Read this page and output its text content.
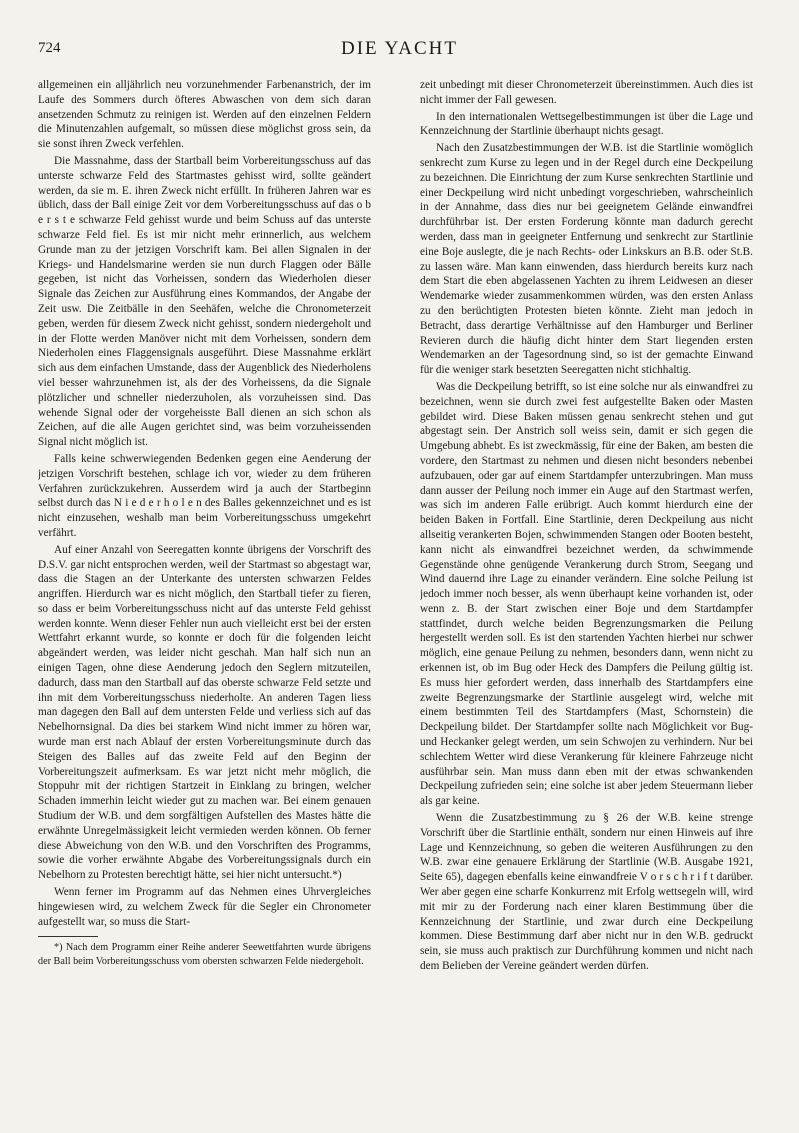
724	DIE YACHT

allgemeinen ein alljährlich neu vorzunehmender Farbenanstrich, der im Laufe des Sommers durch öfteres Abwaschen von dem sich daran ansetzenden Schmutz zu reinigen ist. Werden auf den einzelnen Feldern die Minutenzahlen aufgemalt, so müssen diese möglichst gross sein, da sie sonst ihren Zweck verfehlen.

Die Massnahme, dass der Startball beim Vorbereitungsschuss auf das unterste schwarze Feld des Startmastes gehisst wird, sollte geändert werden, da sie m. E. ihren Zweck nicht erfüllt. In früheren Jahren war es üblich, dass der Ball einige Zeit vor dem Vorbereitungsschuss auf das o b e r s t e schwarze Feld gehisst wurde und beim Schuss auf das unterste schwarze Feld fiel. Es ist mir nicht mehr erinnerlich, aus welchem Grunde man zu der jetzigen Vorschrift kam. Bei allen Signalen in der Kriegs- und Handelsmarine werden sie nun durch Flaggen oder Bälle gegeben, ist nicht das Vorheissen, sondern das Wiederholen dieser Signale das Zeichen zur Ausführung eines Kommandos, der Angabe der Zeit usw. Die Zeitbälle in den Seehäfen, welche die Chronometerzeit geben, werden für diesem Zweck nicht gehisst, sondern niedergeholt und in der Flotte werden Manöver nicht mit dem Vorheissen, sondern dem Niederholen eines Flaggensignals ausgeführt. Diese Massnahme erklärt sich aus dem einfachen Umstande, dass der Augenblick des Niederholens viel besser wahrzunehmen ist, als der des Vorheissens, da die Signale plötzlicher und schneller niederzuholen, als vorzuheissen sind. Das wehende Signal oder der vorgeheisste Ball dienen an sich schon als Zeichen, auf die alle Augen gerichtet sind, was beim vorzuheissenden Signal nicht möglich ist.

Falls keine schwerwiegenden Bedenken gegen eine Aenderung der jetzigen Vorschrift bestehen, schlage ich vor, wieder zu dem früheren Verfahren zurückzukehren. Ausserdem wird ja auch der Startbeginn selbst durch das N i e d e r h o l e n des Balles gekennzeichnet und es ist nicht einzusehen, weshalb man beim Vorbereitungsschuss umgekehrt verfährt.

Auf einer Anzahl von Seeregatten konnte übrigens der Vorschrift des D.S.V. gar nicht entsprochen werden, weil der Startmast so abgestagt war, dass die Stagen an der Unterkante des untersten schwarzen Feldes angriffen. Hierdurch war es nicht möglich, den Startball tiefer zu fieren, so dass er beim Vorbereitungsschuss nicht auf das unterste Feld gehisst werden konnte. Wenn dieser Fehler nun auch vielleicht erst bei der ersten Wettfahrt erkannt wurde, so konnte er doch für die folgenden leicht abgeändert werden, was leider nicht geschah. Man half sich nun an einigen Tagen, ohne diese Aenderung jedoch den Seglern mitzuteilen, dadurch, dass man den Startball auf das oberste schwarze Feld setzte und ihn mit dem Vorbereitungsschuss niederholte. An anderen Tagen liess man dagegen den Ball auf dem untersten Felde und verliess sich auf das Nebelhornsignal. Da dies bei starkem Wind nicht immer zu hören war, wurde man erst nach Ablauf der ersten Vorbereitungsminute durch das Steigen des Balles auf das zweite Feld auf den Beginn der Vorbereitungszeit aufmerksam. Es war jetzt nicht mehr möglich, die Stoppuhr mit der richtigen Startzeit in Einklang zu bringen, welcher Schaden immerhin leicht wieder gut zu machen war. Bei einem genauen Studium der W.B. und dem sorgfältigen Aufstellen des Mastes hätte die erwähnte Unregelmässigkeit leicht vermieden werden können. Ob ferner diese Abweichung von den W.B. und den Vorschriften des Programms, sowie die vorher erwähnte Abgabe des Vorbereitungssignals durch ein Nebelhorn zu Protesten berechtigt hätte, sei hier nicht untersucht.*)

Wenn ferner im Programm auf das Nehmen eines Uhrvergleiches hingewiesen wird, zu welchem Zweck für die Segler ein Chronometer aufgestellt war, so muss die Start-

*) Nach dem Programm einer Reihe anderer Seewettfahrten wurde übrigens der Ball beim Vorbereitungsschuss vom obersten schwarzen Felde niedergeholt.

zeit unbedingt mit dieser Chronometerzeit übereinstimmen. Auch dies ist nicht immer der Fall gewesen.

In den internationalen Wettsegelbestimmungen ist über die Lage und Kennzeichnung der Startlinie überhaupt nichts gesagt.

Nach den Zusatzbestimmungen der W.B. ist die Startlinie womöglich senkrecht zum Kurse zu legen und in der Regel durch eine Deckpeilung zu bezeichnen. Die Einrichtung der zum Kurse senkrechten Startlinie und einer Deckpeilung wird nicht unbedingt vorgeschrieben, wahrscheinlich in der Annahme, dass dies nur bei geeignetem Gelände einwandfrei durchführbar ist. Der ersten Forderung könnte man dadurch gerecht werden, dass man in geeigneter Entfernung und senkrecht zur Startlinie eine Boje auslegte, die je nach Rechts- oder Linkskurs an B.B. oder St.B. zu lassen wäre. Man kann einwenden, dass hierdurch bereits kurz nach dem Start die eben abgelassenen Yachten zu ihrem Leidwesen an dieser Wendemarke wieder zusammenkommen würden, was den ersten Anlass zu den berüchtigten Protesten bieten könnte. Zieht man jedoch in Betracht, dass derartige Verhältnisse auf den Hamburger und Berliner Revieren durch die häufig dicht hinter dem Start liegenden ersten Wendemarken an der Tagesordnung sind, so ist der gemachte Einwand für die weniger stark besetzten Seeregatten nicht stichhaltig.

Was die Deckpeilung betrifft, so ist eine solche nur als einwandfrei zu bezeichnen, wenn sie durch zwei fest aufgestellte Baken oder Masten gebildet wird. Diese Baken müssen genau senkrecht stehen und gut abgestagt sein. Der Anstrich soll weiss sein, damit er sich gegen die Umgebung abhebt. Es ist zweckmässig, für eine der Baken, am besten die vordere, den Startmast zu nehmen und diesen nicht besonders nebenbei aufzubauen, oder gar auf einem Startdampfer unterzubringen. Man muss dann ausser der Peilung noch immer ein Auge auf den Startmast werfen, was sich im anderen Falle erübrigt. Auch kommt hierdurch eine der beiden Baken in Fortfall. Eine Startlinie, deren Deckpeilung aus nicht allseitig verankerten Bojen, schwimmenden Stangen oder Booten besteht, kann nicht als einwandfrei bezeichnet werden, da schwimmende Gegenstände ohne genügende Verankerung durch Strom, Seegang und Wind dauernd ihre Lage zu einander verändern. Eine solche Peilung ist jedoch immer noch besser, als wenn überhaupt keine vorhanden ist, oder wenn z. B. der Start zwischen einer Boje und dem Startdampfer stattfindet, durch welche beiden Begrenzungsmarken die Peilung hergestellt werden soll. Es ist den startenden Yachten hierbei nur schwer möglich, eine genaue Peilung zu nehmen, besonders dann, wenn nicht zu erkennen ist, ob im Bug oder Heck des Dampfers die Peilung gültig ist. Es muss hier gefordert werden, dass innerhalb des Startdampfers eine zweite Begrenzungsmarke der Startlinie ausgelegt wird, welche mit einem bestimmten Teil des Startdampfers (Mast, Schornstein) die Deckpeilung bildet. Der Startdampfer sollte nach Möglichkeit vor Bug- und Heckanker gelegt werden, um sein Schwojen zu verhindern. Nur bei schlechtem Wetter wird diese Verankerung für kleinere Fahrzeuge nicht ausführbar sein. Man muss dann eben mit der etwas schwankenden Deckpeilung zufrieden sein; eine solche ist aber jedem Steuermann lieber als gar keine.

Wenn die Zusatzbestimmung zu § 26 der W.B. keine strenge Vorschrift über die Startlinie enthält, sondern nur einen Hinweis auf ihre Lage und Kennzeichnung, so geben die weiteren Ausführungen zu den W.B. zwar eine genauere Erklärung der Startlinie (W.B. Ausgabe 1921, Seite 65), dagegen ebenfalls keine einwandfreie V o r s c h r i f t darüber. Wer aber gegen eine scharfe Konkurrenz mit Erfolg wettsegeln will, wird mit mir zu der Forderung nach einer klaren Bestimmung über die Kennzeichnung der Startlinie, und zwar durch eine Deckpeilung kommen. Diese Bestimmung darf aber nicht nur in den W.B. gedruckt sein, sie muss auch praktisch zur Durchführung kommen und nicht nach dem Belieben der Vereine geändert werden dürfen.
